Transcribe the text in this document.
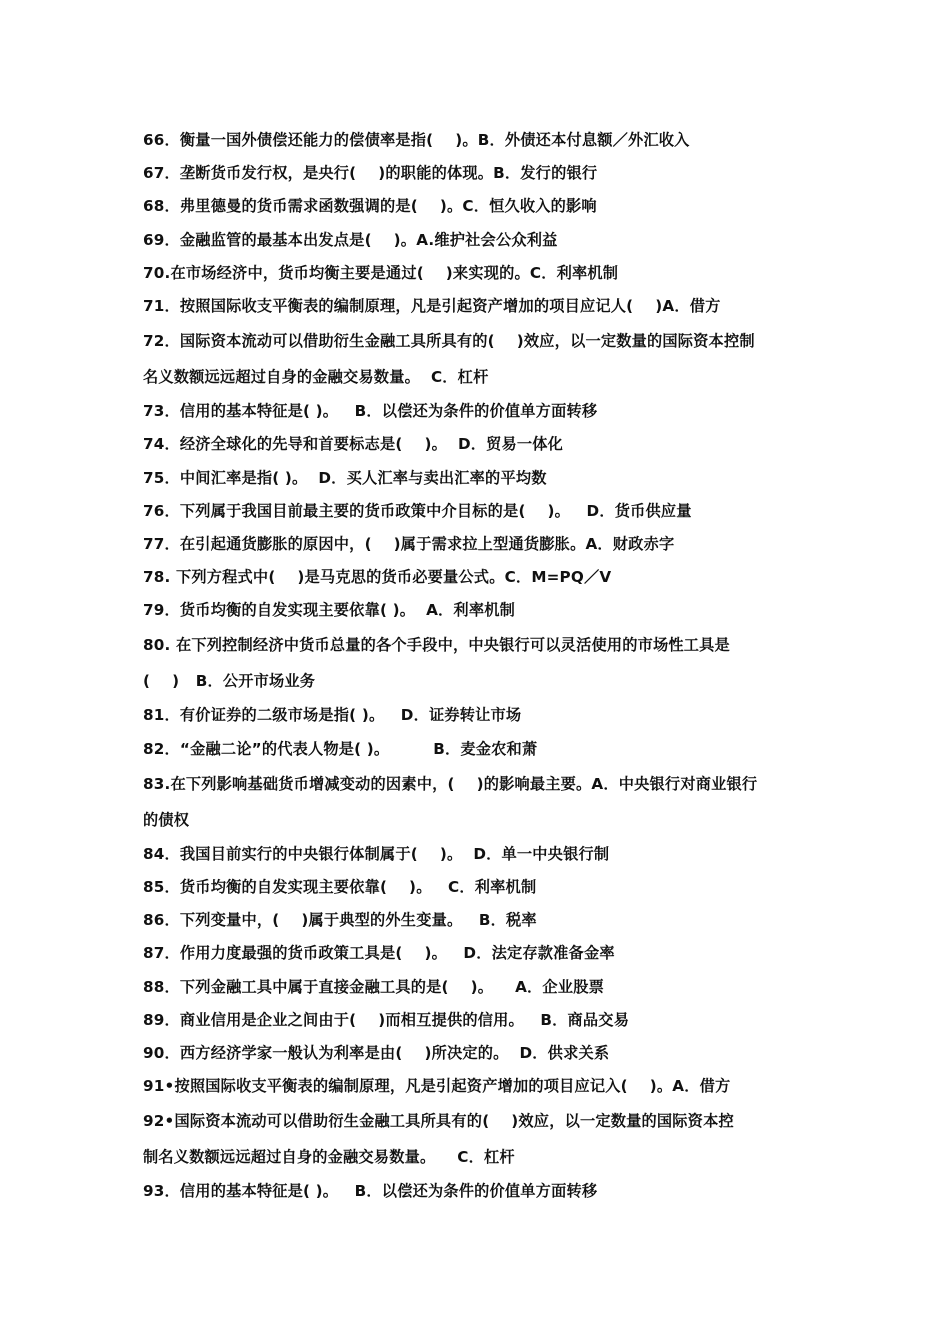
66．衡量一国外债偿还能力的偿债率是指(    )。B．外债还本付息额／外汇收入
67．垄断货币发行权，是央行(    )的职能的体现。B．发行的银行
68．弗里德曼的货币需求函数强调的是(    )。C．恒久收入的影响
69．金融监管的最基本出发点是(    )。A.维护社会公众利益
70.在市场经济中，货币均衡主要是通过(    )来实现的。C．利率机制
71．按照国际收支平衡表的编制原理，凡是引起资产增加的项目应记人(    )A．借方
72．国际资本流动可以借助衍生金融工具所具有的(    )效应，以一定数量的国际资本控制
名义数额远远超过自身的金融交易数量。  C．杠杆
73．信用的基本特征是( )。   B．以偿还为条件的价值单方面转移
74．经济全球化的先导和首要标志是(    )。  D．贸易一体化
75．中间汇率是指( )。  D．买人汇率与卖出汇率的平均数
76．下列属于我国目前最主要的货币政策中介目标的是(    )。   D．货币供应量
77．在引起通货膨胀的原因中，(    )属于需求拉上型通货膨胀。A．财政赤字
78. 下列方程式中(    )是马克思的货币必要量公式。C．M=PQ／V
79．货币均衡的自发实现主要依靠( )。  A．利率机制
80. 在下列控制经济中货币总量的各个手段中，中央银行可以灵活使用的市场性工具是
(    )   B．公开市场业务
81．有价证券的二级市场是指( )。   D．证券转让市场
82．“金融二论”的代表人物是( )。        B．麦金农和萧
83.在下列影响基础货币增减变动的因素中，(    )的影响最主要。A．中央银行对商业银行
的债权
84．我国目前实行的中央银行体制属于(    )。  D．单一中央银行制
85．货币均衡的自发实现主要依靠(    )。   C．利率机制
86．下列变量中，(    )属于典型的外生变量。   B．税率
87．作用力度最强的货币政策工具是(    )。   D．法定存款准备金率
88．下列金融工具中属于直接金融工具的是(    )。    A．企业股票
89．商业信用是企业之间由于(    )而相互提供的信用。   B．商品交易
90．西方经济学家一般认为利率是由(    )所决定的。  D．供求关系
91•按照国际收支平衡表的编制原理，凡是引起资产增加的项目应记入(    )。A．借方
92•国际资本流动可以借助衍生金融工具所具有的(    )效应，以一定数量的国际资本控
制名义数额远远超过自身的金融交易数量。    C．杠杆
93．信用的基本特征是( )。   B．以偿还为条件的价值单方面转移
